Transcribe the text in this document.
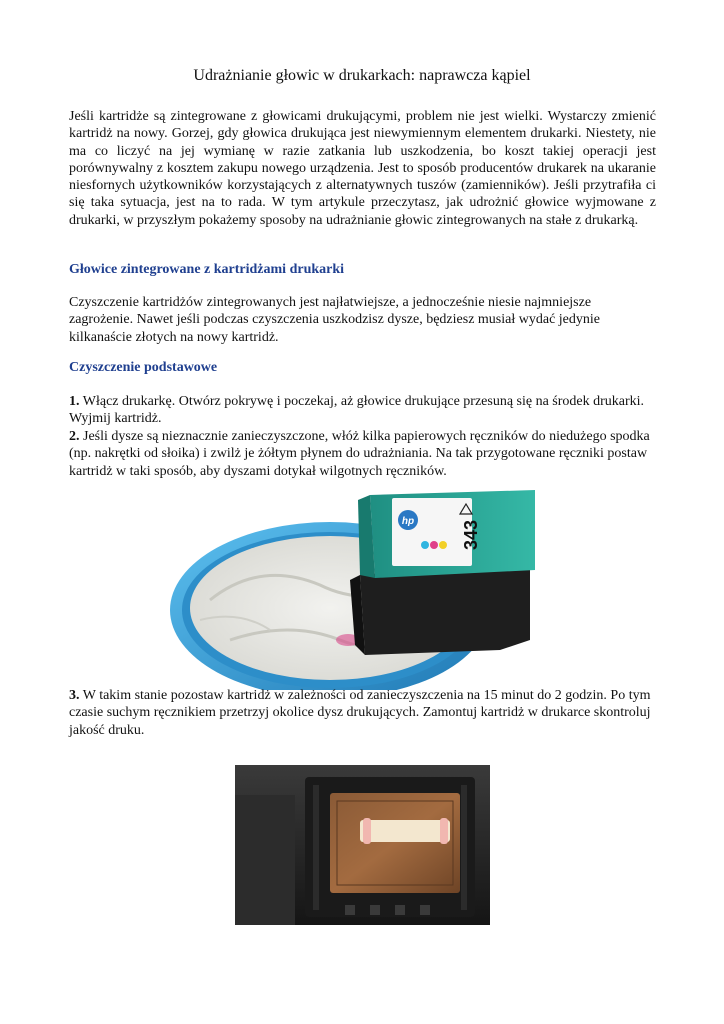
Udrażnianie głowic w drukarkach: naprawcza kąpiel

Jeśli kartridże są zintegrowane z głowicami drukującymi, problem nie jest wielki. Wystarczy zmienić kartridż na nowy. Gorzej, gdy głowica drukująca jest niewymiennym elementem drukarki. Niestety, nie ma co liczyć na jej wymianę w razie zatkania lub uszkodzenia, bo koszt takiej operacji jest porównywalny z kosztem zakupu nowego urządzenia. Jest to sposób producentów drukarek na ukaranie niesfornych użytkowników korzystających z alternatywnych tuszów (zamienników). Jeśli przytrafiła ci się taka sytuacja, jest na to rada. W tym artykule przeczytasz, jak udrożnić głowice wyjmowane z drukarki, w przyszłym pokażemy sposoby na udrażnianie głowic zintegrowanych na stałe z drukarką.

Głowice zintegrowane z kartridżami drukarki

Czyszczenie kartridżów zintegrowanych jest najłatwiejsze, a jednocześnie niesie najmniejsze zagrożenie. Nawet jeśli podczas czyszczenia uszkodzisz dysze, będziesz musiał wydać jedynie kilkanaście złotych na nowy kartridż.

Czyszczenie podstawowe

1. Włącz drukarkę. Otwórz pokrywę i poczekaj, aż głowice drukujące przesuną się na środek drukarki. Wyjmij kartridż.

2. Jeśli dysze są nieznacznie zanieczyszczone, włóż kilka papierowych ręczników do niedużego spodka (np. nakrętki od słoika) i zwilż je żółtym płynem do udrażniania. Na tak przygotowane ręczniki postaw kartridż w taki sposób, aby dyszami dotykał wilgotnych ręczników.

hp	343

3. W takim stanie pozostaw kartridż w zależności od zanieczyszczenia na 15 minut do 2 godzin. Po tym czasie suchym ręcznikiem przetrzyj okolice dysz drukujących. Zamontuj kartridż w drukarce skontroluj jakość druku.
